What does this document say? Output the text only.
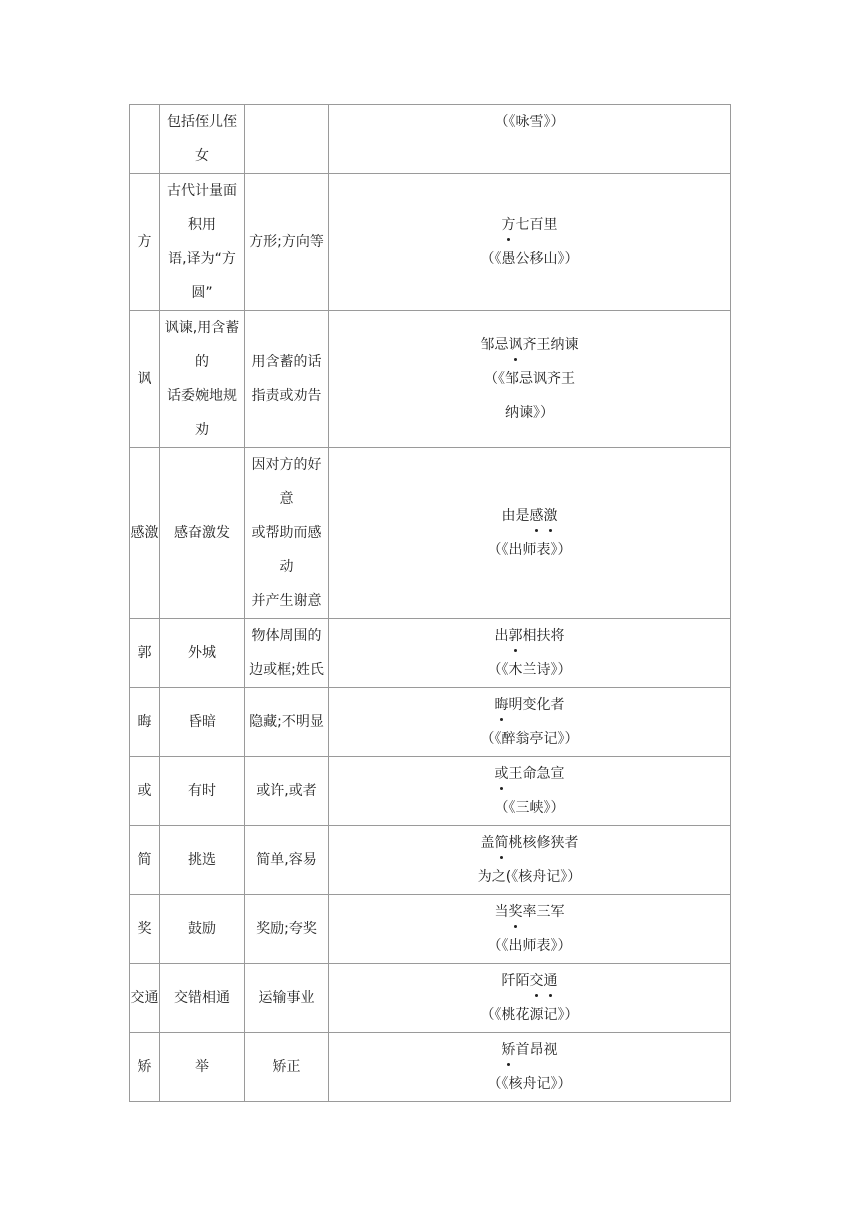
	包括侄儿侄
女		（《咏雪》）

方	古代计量面
积用
语,译为“方
圆”	方形;方向等	方七百里
（《愚公移山》）

讽	讽谏,用含蓄
的
话委婉地规
劝	用含蓄的话
指责或劝告	邹忌讽齐王纳谏
（《邹忌讽齐王
纳谏》）

感激	感奋激发	因对方的好
意
或帮助而感
动
并产生谢意	由是感激
（《出师表》）

郭	外城	物体周围的
边或框;姓氏	出郭相扶将
（《木兰诗》）

晦	昏暗	隐藏;不明显	晦明变化者
（《醉翁亭记》）

或	有时	或许,或者	或王命急宣
（《三峡》）

简	挑选	简单,容易	盖简桃核修狭者
为之(《核舟记》）

奖	鼓励	奖励;夸奖	当奖率三军
（《出师表》）

交通	交错相通	运输事业	阡陌交通
（《桃花源记》）

矫	举	矫正	矫首昂视
（《核舟记》）
